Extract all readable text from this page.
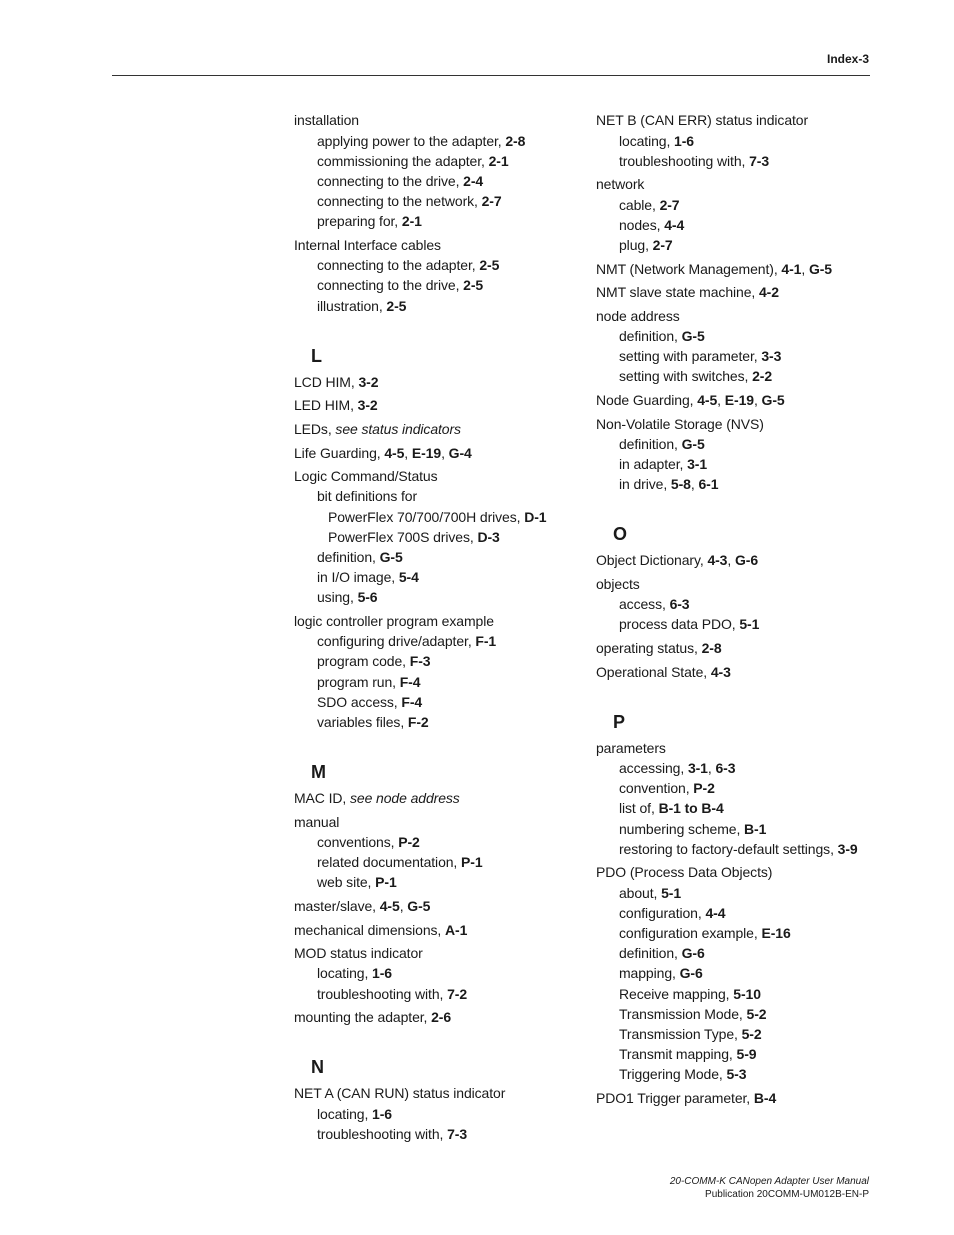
Index-3
installation
applying power to the adapter, 2-8
commissioning the adapter, 2-1
connecting to the drive, 2-4
connecting to the network, 2-7
preparing for, 2-1
Internal Interface cables
connecting to the adapter, 2-5
connecting to the drive, 2-5
illustration, 2-5
L
LCD HIM, 3-2
LED HIM, 3-2
LEDs, see status indicators
Life Guarding, 4-5, E-19, G-4
Logic Command/Status
bit definitions for
PowerFlex 70/700/700H drives, D-1
PowerFlex 700S drives, D-3
definition, G-5
in I/O image, 5-4
using, 5-6
logic controller program example
configuring drive/adapter, F-1
program code, F-3
program run, F-4
SDO access, F-4
variables files, F-2
M
MAC ID, see node address
manual
conventions, P-2
related documentation, P-1
web site, P-1
master/slave, 4-5, G-5
mechanical dimensions, A-1
MOD status indicator
locating, 1-6
troubleshooting with, 7-2
mounting the adapter, 2-6
N
NET A (CAN RUN) status indicator
locating, 1-6
troubleshooting with, 7-3
NET B (CAN ERR) status indicator
locating, 1-6
troubleshooting with, 7-3
network
cable, 2-7
nodes, 4-4
plug, 2-7
NMT (Network Management), 4-1, G-5
NMT slave state machine, 4-2
node address
definition, G-5
setting with parameter, 3-3
setting with switches, 2-2
Node Guarding, 4-5, E-19, G-5
Non-Volatile Storage (NVS)
definition, G-5
in adapter, 3-1
in drive, 5-8, 6-1
O
Object Dictionary, 4-3, G-6
objects
access, 6-3
process data PDO, 5-1
operating status, 2-8
Operational State, 4-3
P
parameters
accessing, 3-1, 6-3
convention, P-2
list of, B-1 to B-4
numbering scheme, B-1
restoring to factory-default settings, 3-9
PDO (Process Data Objects)
about, 5-1
configuration, 4-4
configuration example, E-16
definition, G-6
mapping, G-6
Receive mapping, 5-10
Transmission Mode, 5-2
Transmission Type, 5-2
Transmit mapping, 5-9
Triggering Mode, 5-3
PDO1 Trigger parameter, B-4
20-COMM-K CANopen Adapter User Manual
Publication 20COMM-UM012B-EN-P
